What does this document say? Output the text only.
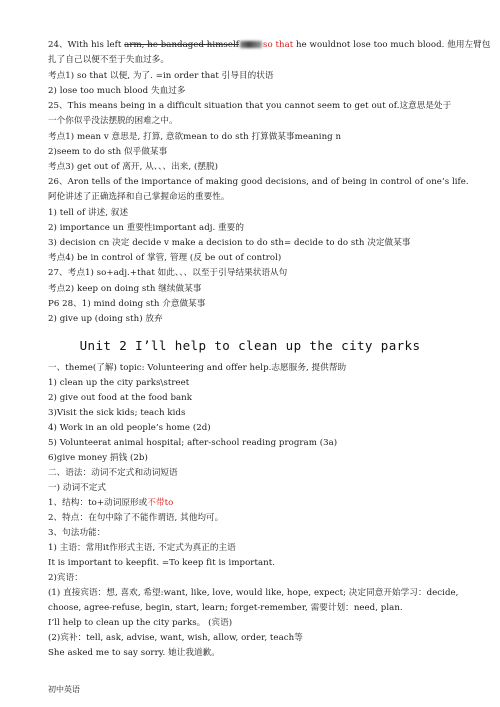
24、With his left arm, he bandaged himself	so that he wouldnot lose too much blood. 他用左臂包
扎了自己以便不至于失血过多。
考点1) so that 以便, 为了. =in order that 引导目的状语
2) lose too much blood 失血过多
25、This means being in a difficult situation that you cannot seem to get out of.这意思是处于
一个你似乎没法摆脱的困难之中。
考点1) mean v 意思是, 打算, 意欲mean to do sth 打算做某事meaning n
2)seem to do sth 似乎做某事
考点3) get out of 离开, 从、、、出来, (摆脱)
26、Aron tells of the importance of making good decisions, and of being in control of one’s life.
阿伦讲述了正确选择和自己掌握命运的重要性。
1) tell of 讲述, 叙述
2) importance un 重要性important adj. 重要的
3) decision cn 决定 decide v make a decision to do sth= decide to do sth 决定做某事
考点4) be in control of 掌管, 管理 (反 be out of control)
27、考点1) so+adj.+that 如此、、、以至于引导结果状语从句
考点2) keep on doing sth 继续做某事
P6 28、1) mind doing sth 介意做某事
2) give up (doing sth) 放弃
Unit 2 I’ll help to clean up the city parks
一、theme(了解) topic: Volunteering and offer help.志愿服务, 提供帮助
1) clean up the city parks\street
2) give out food at the food bank
3)Visit the sick kids; teach kids
4) Work in an old people’s home (2d)
5) Volunteerat animal hospital; after-school reading program (3a)
6)give money 捐钱 (2b)
二、语法：动词不定式和动词短语
一) 动词不定式
1、结构：to+动词原形或不带to
2、特点：在句中除了不能作谓语, 其他均可。
3、句法功能：
1) 主语：常用it作形式主语, 不定式为真正的主语
It is important to keepfit. =To keep fit is important.
2)宾语：
(1) 直接宾语：想, 喜欢, 希望:want, like, love, would like, hope, expect; 决定同意开始学习：decide,
choose, agree-refuse, begin, start, learn; forget-remember, 需要计划：need, plan.
I’ll help to clean up the city parks。 (宾语)
(2)宾补：tell, ask, advise, want, wish, allow, order, teach等
She asked me to say sorry. 她让我道歉。
初中英语
